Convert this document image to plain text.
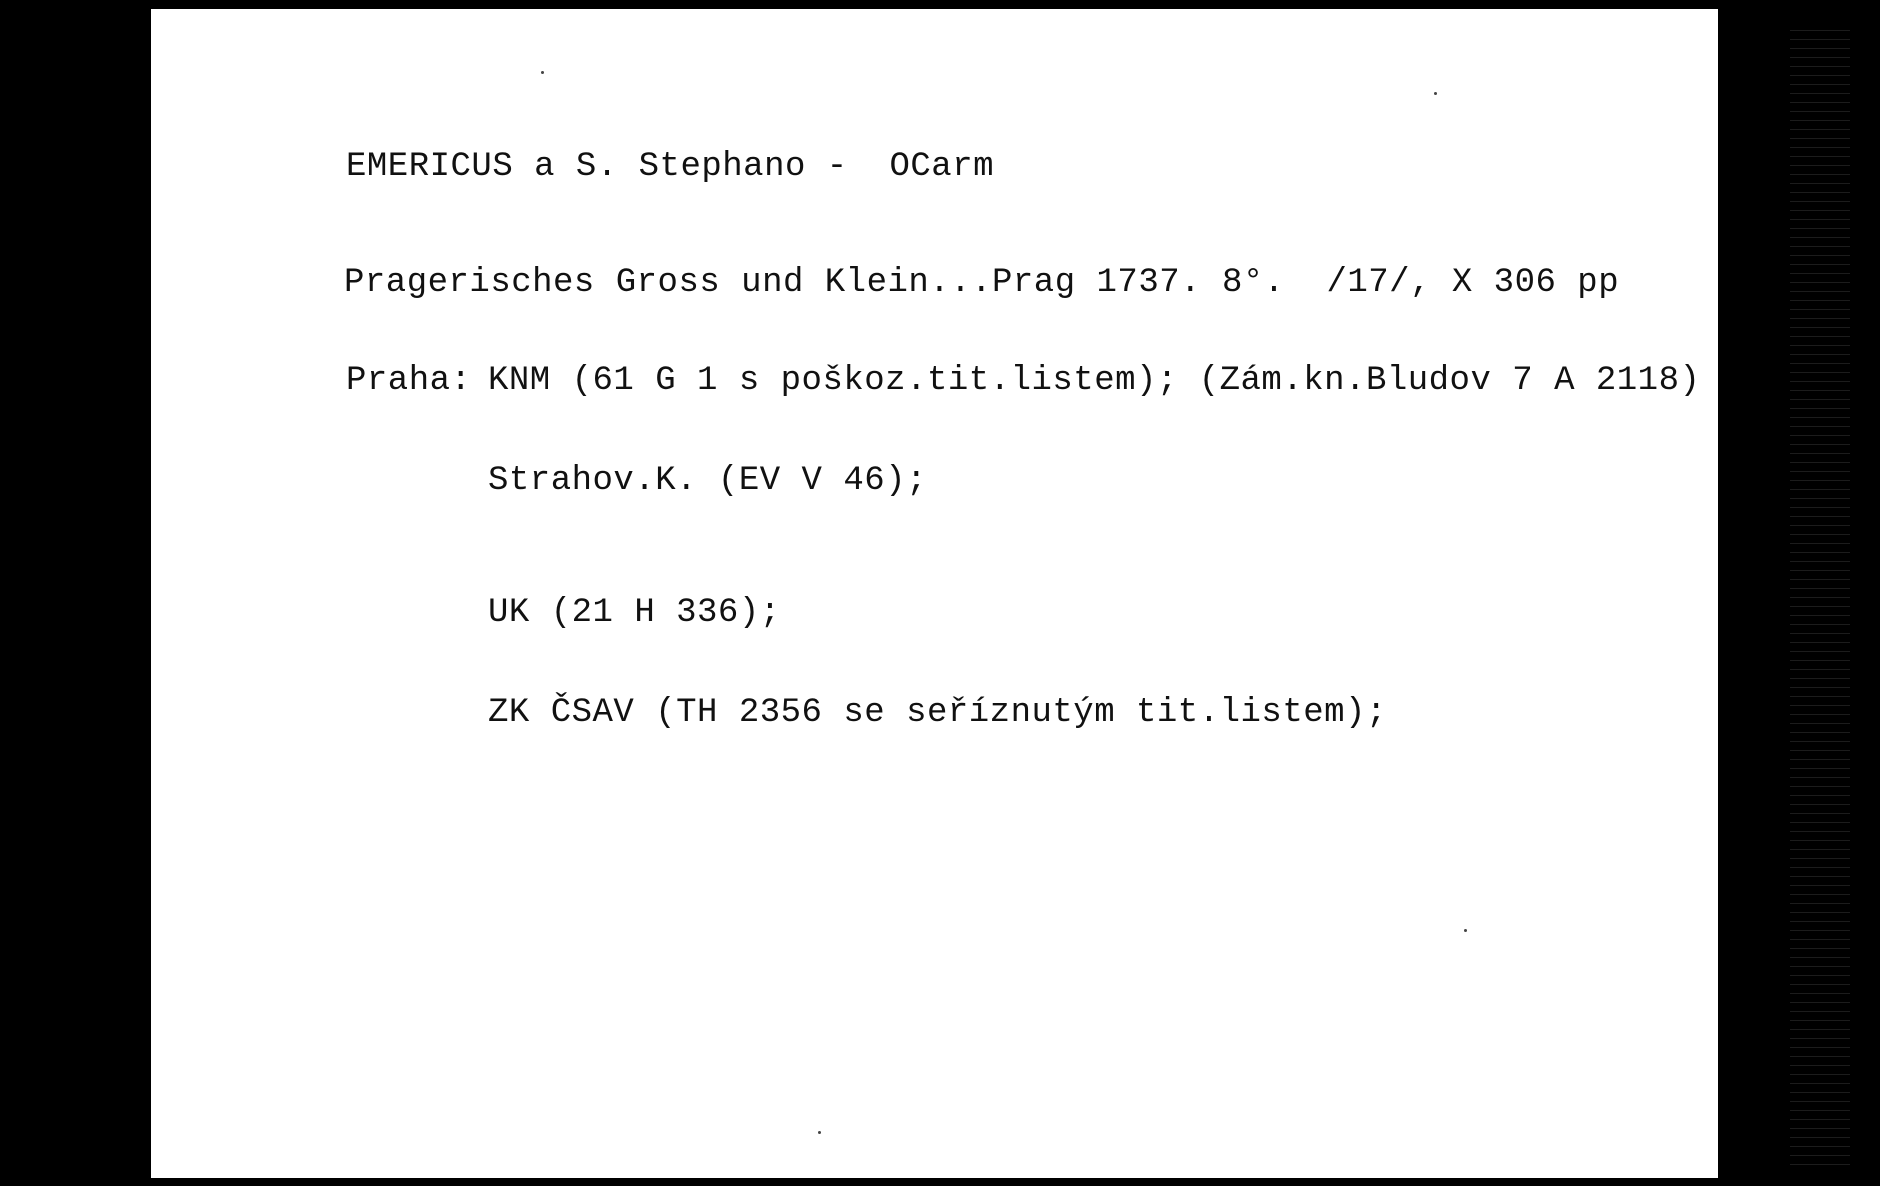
EMERICUS a S. Stephano -  OCarm
Pragerisches Gross und Klein...Prag 1737. 8°.  /17/, X 306 pp
Praha: KNM (61 G 1 s poškoz.tit.listem); (Zám.kn.Bludov 7 A 2118)
Strahov.K. (EV V 46);
UK (21 H 336);
ZK ČSAV (TH 2356 se seříznutým tit.listem);
